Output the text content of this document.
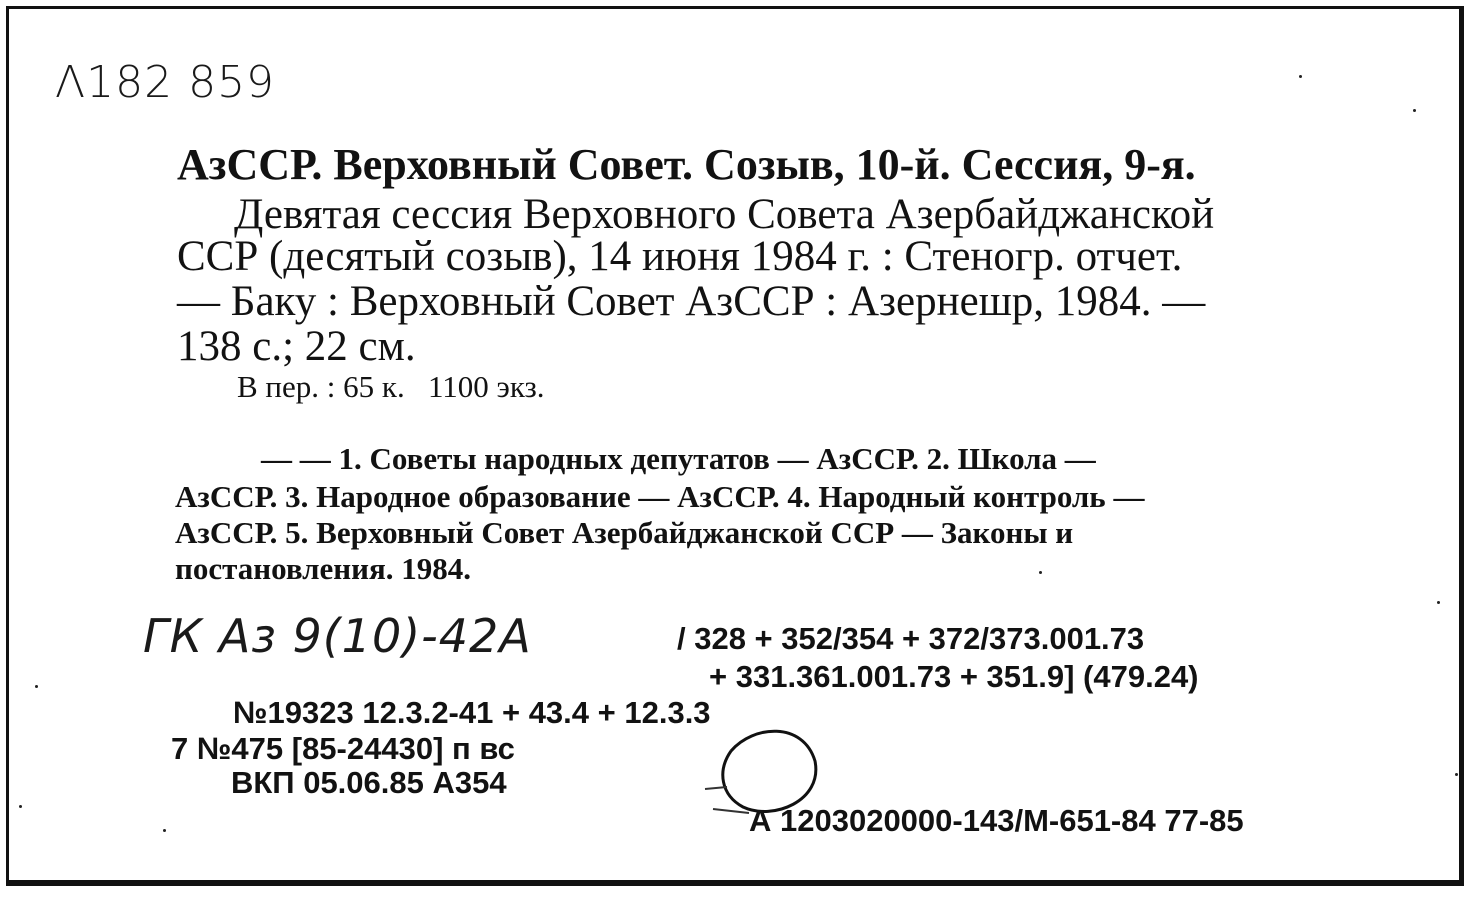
Λ182 859
АзССР. Верховный Совет. Созыв, 10-й. Сессия, 9-я.
Девятая сессия Верховного Совета Азербайджанской
ССР (десятый созыв), 14 июня 1984 г. : Стеногр. отчет.
— Баку : Верховный Совет АзССР : Азернешр, 1984. —
138 с.; 22 см.
В пер. : 65 к.   1100 экз.
— — 1. Советы народных депутатов — АзССР. 2. Школа —
АзССР. 3. Народное образование — АзССР. 4. Народный контроль —
АзССР. 5. Верховный Совет Азербайджанской ССР — Законы и
постановления. 1984.
ГК Аз 9(10)-42А	/ 328 + 352/354 + 372/373.001.73
+ 331.361.001.73 + 351.9] (479.24)
№19323 12.3.2-41 + 43.4 + 12.3.3
7 №475 [85-24430] п вс
ВКП 05.06.85 А354
А 1203020000-143/М-651-84 77-85
